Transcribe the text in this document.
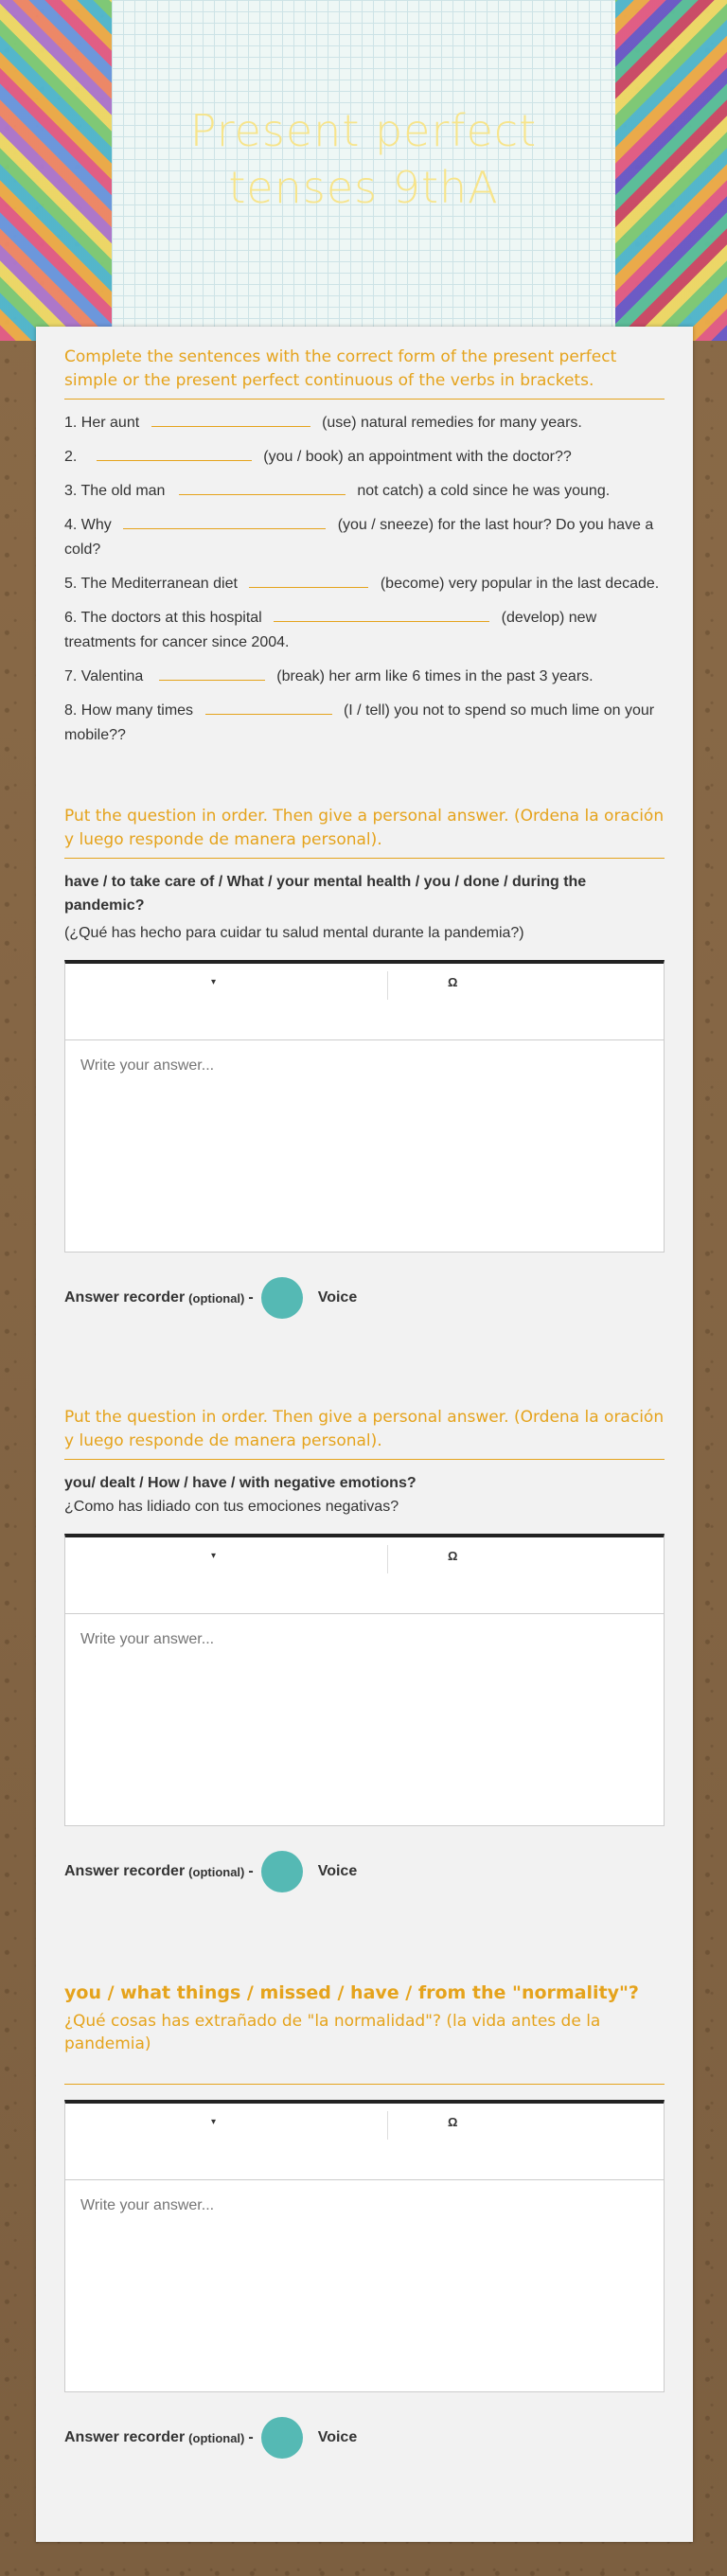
Present perfect tenses 9thA
Complete the sentences with the correct form of the present perfect simple or the present perfect continuous of the verbs in brackets.
1. Her aunt	(use) natural remedies for many years.
2.	(you / book) an appointment with the doctor??
3. The old man	not catch) a cold since he was young.
4. Why	(you / sneeze) for the last hour? Do you have a cold?
5. The Mediterranean diet	(become) very popular in the last decade.
6. The doctors at this hospital	(develop) new treatments for cancer since 2004.
7. Valentina	(break) her arm like 6 times in the past 3 years.
8. How many times	(I / tell) you not to spend so much lime on your mobile??
Put the question in order. Then give a personal answer. (Ordena la oración y luego responde de manera personal).
have / to take care of / What / your mental health / you / done / during the pandemic?
(¿Qué has hecho para cuidar tu salud mental durante la pandemia?)
▾	Ω
Write your answer...
Answer recorder (optional) -	Voice
Put the question in order. Then give a personal answer. (Ordena la oración y luego responde de manera personal).
you/ dealt / How / have / with negative emotions?
¿Como has lidiado con tus emociones negativas?
▾	Ω
Write your answer...
Answer recorder (optional) -	Voice
you / what things / missed / have / from the "normality"?
¿Qué cosas has extrañado de "la normalidad"? (la vida antes de la pandemia)
▾	Ω
Write your answer...
Answer recorder (optional) -	Voice
